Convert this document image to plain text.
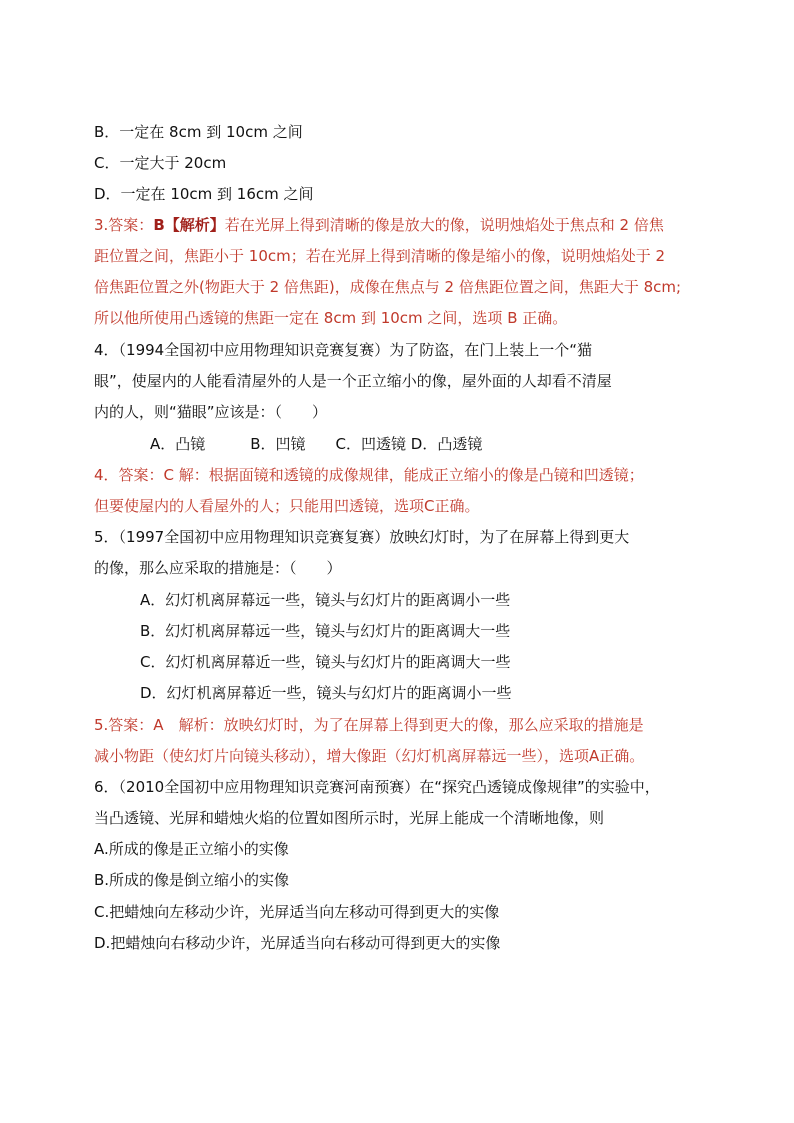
B．一定在 8cm 到 10cm 之间
C．一定大于 20cm
D．一定在 10cm 到 16cm 之间
3.答案：B【解析】若在光屏上得到清晰的像是放大的像，说明烛焰处于焦点和 2 倍焦
距位置之间，焦距小于 10cm；若在光屏上得到清晰的像是缩小的像，说明烛焰处于 2
倍焦距位置之外(物距大于 2 倍焦距)，成像在焦点与 2 倍焦距位置之间，焦距大于 8cm;
所以他所使用凸透镜的焦距一定在 8cm 到 10cm 之间，选项 B 正确。
4．（1994全国初中应用物理知识竞赛复赛）为了防盗，在门上装上一个“猫
眼”，使屋内的人能看清屋外的人是一个正立缩小的像，屋外面的人却看不清屋
内的人，则“猫眼”应该是：（　　）
A．凸镜　　　B．凹镜　　C．凹透镜 D．凸透镜
4．答案：C 解：根据面镜和透镜的成像规律，能成正立缩小的像是凸镜和凹透镜；
但要使屋内的人看屋外的人；只能用凹透镜，选项C正确。
5．（1997全国初中应用物理知识竞赛复赛）放映幻灯时，为了在屏幕上得到更大
的像，那么应采取的措施是：（　　）
A．幻灯机离屏幕远一些，镜头与幻灯片的距离调小一些
B．幻灯机离屏幕远一些，镜头与幻灯片的距离调大一些
C．幻灯机离屏幕近一些，镜头与幻灯片的距离调大一些
D．幻灯机离屏幕近一些，镜头与幻灯片的距离调小一些
5.答案：A　解析：放映幻灯时，为了在屏幕上得到更大的像，那么应采取的措施是
减小物距（使幻灯片向镜头移动），增大像距（幻灯机离屏幕远一些），选项A正确。
6．（2010全国初中应用物理知识竞赛河南预赛）在“探究凸透镜成像规律”的实验中，
当凸透镜、光屏和蜡烛火焰的位置如图所示时，光屏上能成一个清晰地像，则
A.所成的像是正立缩小的实像
B.所成的像是倒立缩小的实像
C.把蜡烛向左移动少许，光屏适当向左移动可得到更大的实像
D.把蜡烛向右移动少许，光屏适当向右移动可得到更大的实像
